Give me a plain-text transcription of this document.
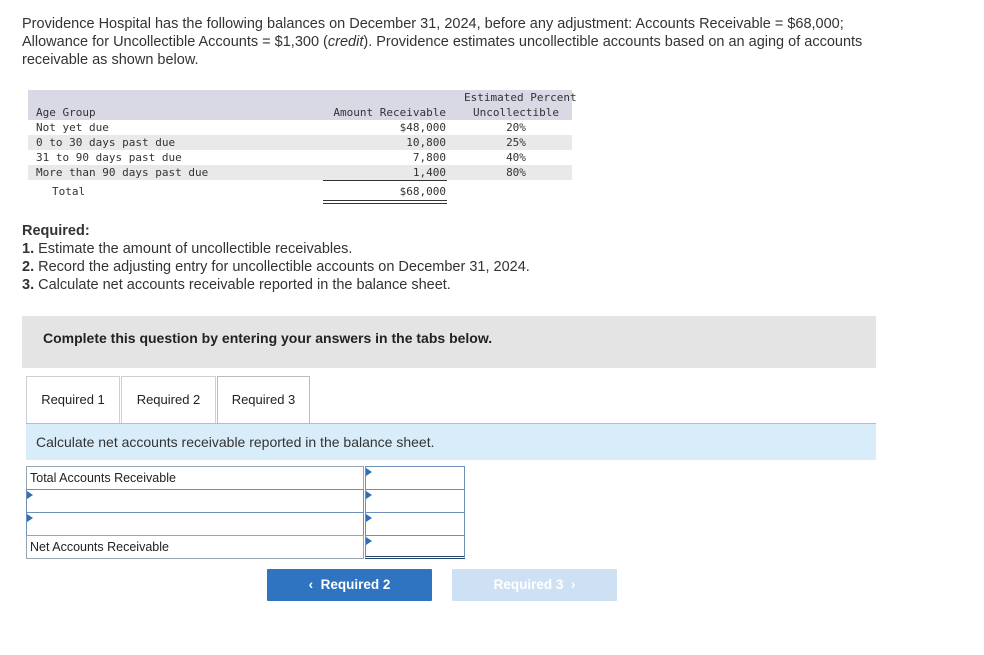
Providence Hospital has the following balances on December 31, 2024, before any adjustment: Accounts Receivable = $68,000;
Allowance for Uncollectible Accounts = $1,300 (credit). Providence estimates uncollectible accounts based on an aging of accounts
receivable as shown below.
Estimated Percent
Age Group	Amount Receivable	Uncollectible
Not yet due	$48,000	20%
0 to 30 days past due	10,800	25%
31 to 90 days past due	7,800	40%
More than 90 days past due	1,400	80%
Total	$68,000
Required:
1. Estimate the amount of uncollectible receivables.
2. Record the adjusting entry for uncollectible accounts on December 31, 2024.
3. Calculate net accounts receivable reported in the balance sheet.
Complete this question by entering your answers in the tabs below.
Required 1	Required 2	Required 3
Calculate net accounts receivable reported in the balance sheet.
Total Accounts Receivable
Net Accounts Receivable
‹ Required 2	Required 3 ›
